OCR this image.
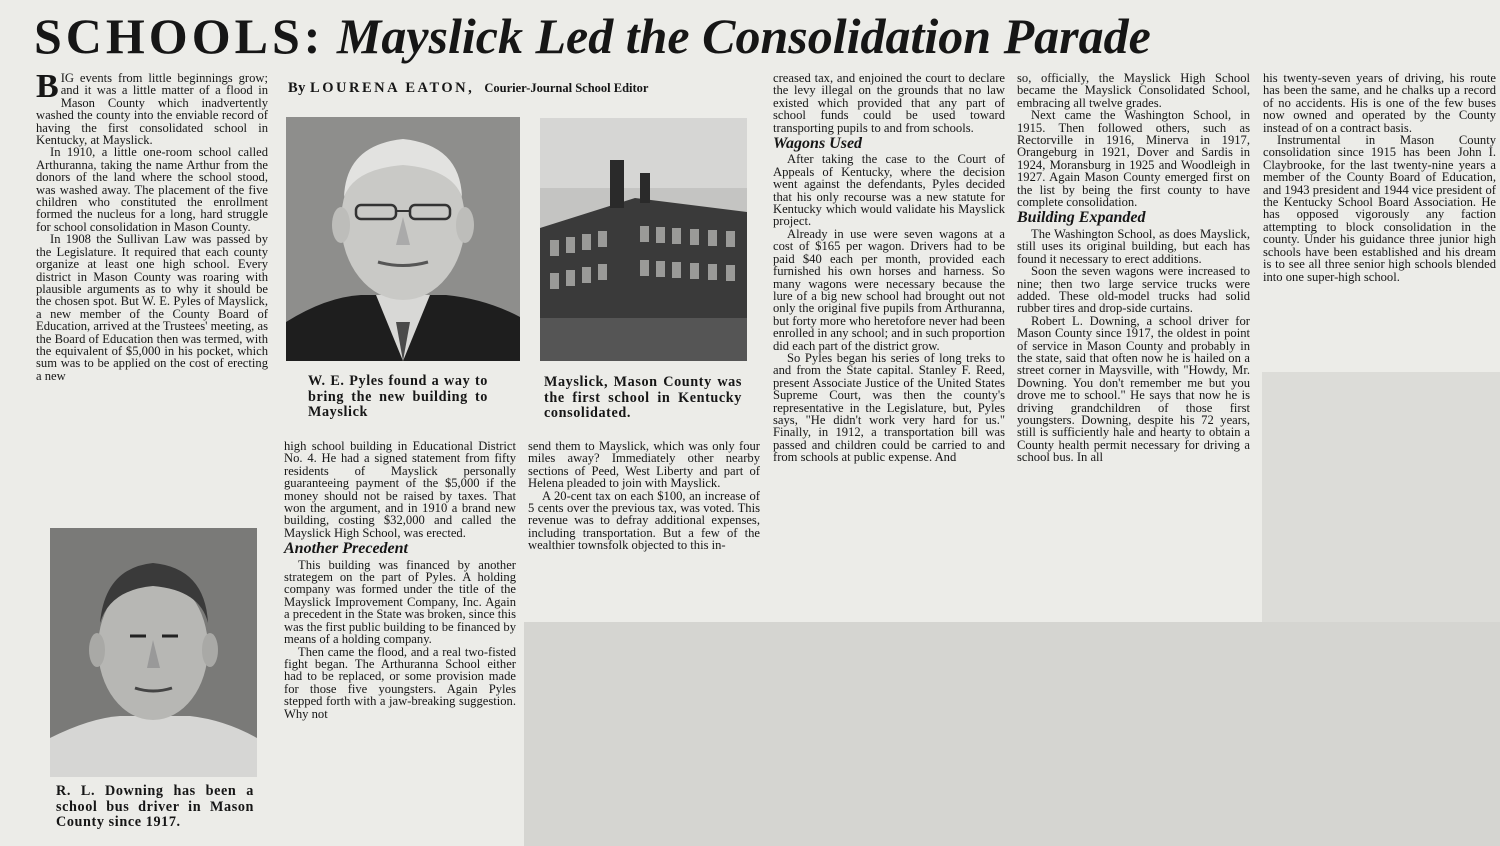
SCHOOLS: Mayslick Led the Consolidation Parade
By LOURENA EATON, Courier-Journal School Editor
W. E. Pyles found a way to bring the new building to Mayslick
Mayslick, Mason County was the first school in Kentucky consolidated.
R. L. Downing has been a school bus driver in Mason County since 1917.

BIG events from little beginnings grow; and it was a little matter of a flood in Mason County which inadvertently washed the county into the enviable record of having the first consolidated school in Kentucky, at Mayslick.

In 1910, a little one-room school called Arthuranna, taking the name Arthur from the donors of the land where the school stood, was washed away. The placement of the five children who constituted the enrollment formed the nucleus for a long, hard struggle for school consolidation in Mason County.

In 1908 the Sullivan Law was passed by the Legislature. It required that each county organize at least one high school. Every district in Mason County was roaring with plausible arguments as to why it should be the chosen spot. But W. E. Pyles of Mayslick, a new member of the County Board of Education, arrived at the Trustees' meeting, as the Board of Education then was termed, with the equivalent of $5,000 in his pocket, which sum was to be applied on the cost of erecting a new

high school building in Educational District No. 4. He had a signed statement from fifty residents of Mayslick personally guaranteeing payment of the $5,000 if the money should not be raised by taxes. That won the argument, and in 1910 a brand new building, costing $32,000 and called the Mayslick High School, was erected.

Another Precedent

This building was financed by another strategem on the part of Pyles. A holding company was formed under the title of the Mayslick Improvement Company, Inc. Again a precedent in the State was broken, since this was the first public building to be financed by means of a holding company.

Then came the flood, and a real two-fisted fight began. The Arthuranna School either had to be replaced, or some provision made for those five youngsters. Again Pyles stepped forth with a jaw-breaking suggestion. Why not

send them to Mayslick, which was only four miles away? Immediately other nearby sections of Peed, West Liberty and part of Helena pleaded to join with Mayslick.

A 20-cent tax on each $100, an increase of 5 cents over the previous tax, was voted. This revenue was to defray additional expenses, including transportation. But a few of the wealthier townsfolk objected to this in-

creased tax, and enjoined the court to declare the levy illegal on the grounds that no law existed which provided that any part of school funds could be used toward transporting pupils to and from schools.

Wagons Used

After taking the case to the Court of Appeals of Kentucky, where the decision went against the defendants, Pyles decided that his only recourse was a new statute for Kentucky which would validate his Mayslick project.

Already in use were seven wagons at a cost of $165 per wagon. Drivers had to be paid $40 each per month, provided each furnished his own horses and harness. So many wagons were necessary because the lure of a big new school had brought out not only the original five pupils from Arthuranna, but forty more who heretofore never had been enrolled in any school; and in such proportion did each part of the district grow.

So Pyles began his series of long treks to and from the State capital. Stanley F. Reed, present Associate Justice of the United States Supreme Court, was then the county's representative in the Legislature, but, Pyles says, "He didn't work very hard for us." Finally, in 1912, a transportation bill was passed and children could be carried to and from schools at public expense. And

so, officially, the Mayslick High School became the Mayslick Consolidated School, embracing all twelve grades.

Next came the Washington School, in 1915. Then followed others, such as Rectorville in 1916, Minerva in 1917, Orangeburg in 1921, Dover and Sardis in 1924, Moransburg in 1925 and Woodleigh in 1927. Again Mason County emerged first on the list by being the first county to have complete consolidation.

Building Expanded

The Washington School, as does Mayslick, still uses its original building, but each has found it necessary to erect additions.

Soon the seven wagons were increased to nine; then two large service trucks were added. These old-model trucks had solid rubber tires and drop-side curtains.

Robert L. Downing, a school driver for Mason County since 1917, the oldest in point of service in Mason County and probably in the state, said that often now he is hailed on a street corner in Maysville, with "Howdy, Mr. Downing. You don't remember me but you drove me to school." He says that now he is driving grandchildren of those first youngsters. Downing, despite his 72 years, still is sufficiently hale and hearty to obtain a County health permit necessary for driving a school bus. In all

his twenty-seven years of driving, his route has been the same, and he chalks up a record of no accidents. His is one of the few buses now owned and operated by the County instead of on a contract basis.

Instrumental in Mason County consolidation since 1915 has been John I. Claybrooke, for the last twenty-nine years a member of the County Board of Education, and 1943 president and 1944 vice president of the Kentucky School Board Association. He has opposed vigorously any faction attempting to block consolidation in the county. Under his guidance three junior high schools have been established and his dream is to see all three senior high schools blended into one super-high school.
